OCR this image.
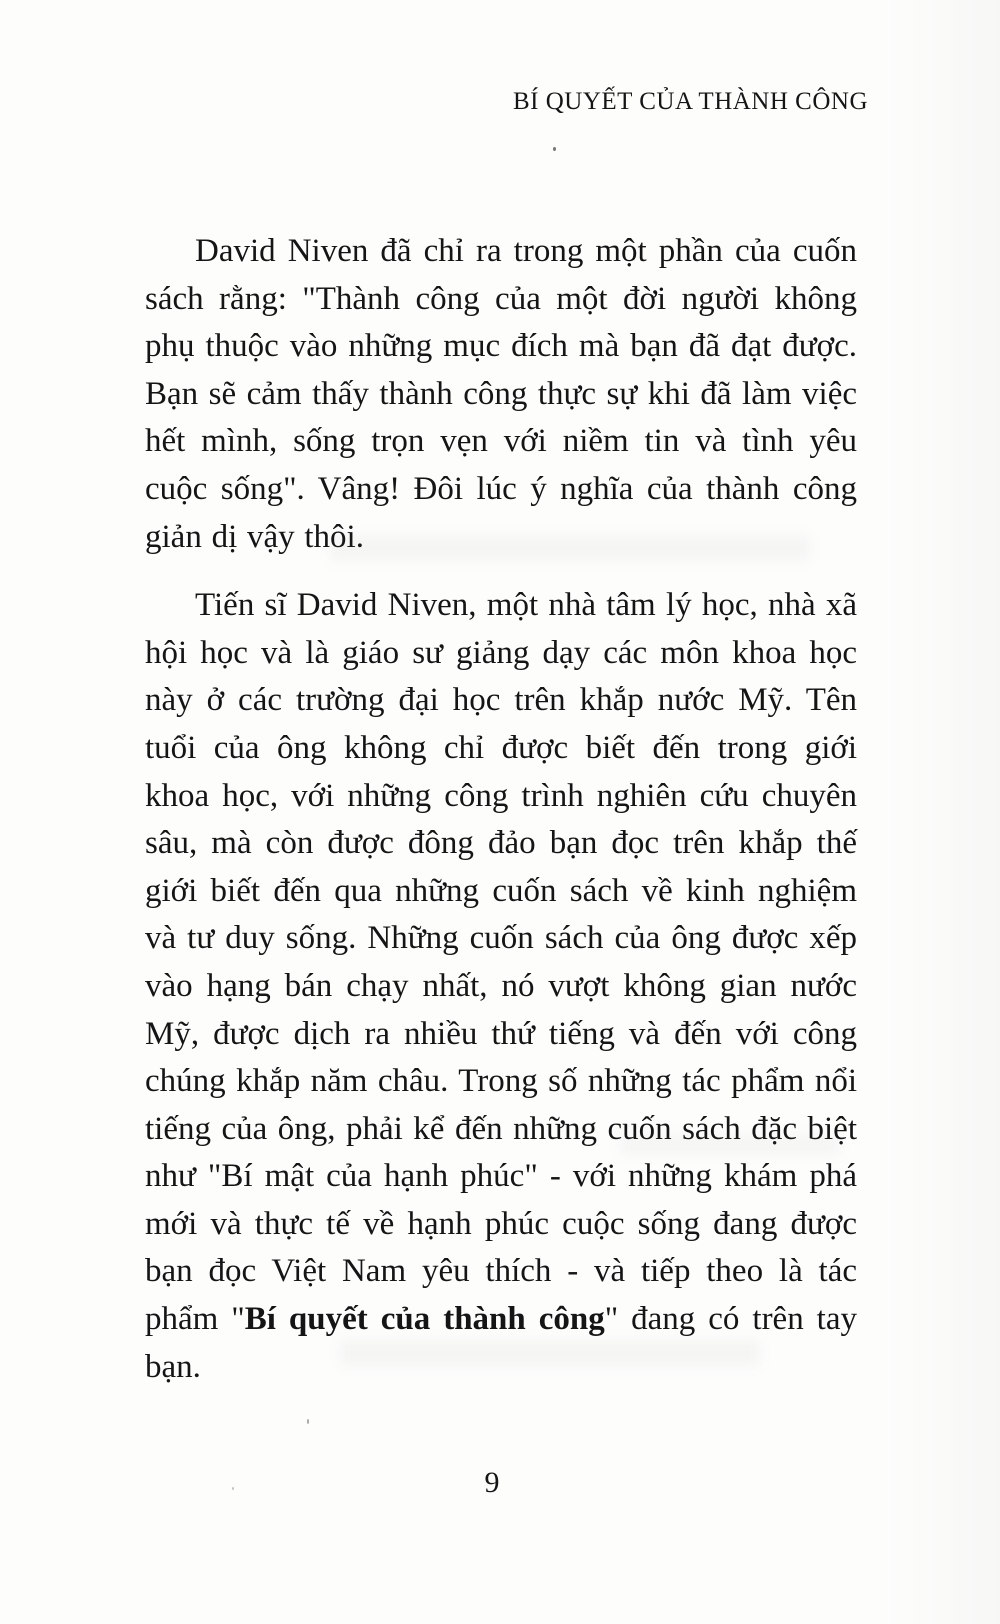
BÍ QUYẾT CỦA THÀNH CÔNG

David Niven đã chỉ ra trong một phần của cuốn sách rằng: "Thành công của một đời người không phụ thuộc vào những mục đích mà bạn đã đạt được. Bạn sẽ cảm thấy thành công thực sự khi đã làm việc hết mình, sống trọn vẹn với niềm tin và tình yêu cuộc sống". Vâng! Đôi lúc ý nghĩa của thành công giản dị vậy thôi.

Tiến sĩ David Niven, một nhà tâm lý học, nhà xã hội học và là giáo sư giảng dạy các môn khoa học này ở các trường đại học trên khắp nước Mỹ. Tên tuổi của ông không chỉ được biết đến trong giới khoa học, với những công trình nghiên cứu chuyên sâu, mà còn được đông đảo bạn đọc trên khắp thế giới biết đến qua những cuốn sách về kinh nghiệm và tư duy sống. Những cuốn sách của ông được xếp vào hạng bán chạy nhất, nó vượt không gian nước Mỹ, được dịch ra nhiều thứ tiếng và đến với công chúng khắp năm châu. Trong số những tác phẩm nổi tiếng của ông, phải kể đến những cuốn sách đặc biệt như "Bí mật của hạnh phúc" - với những khám phá mới và thực tế về hạnh phúc cuộc sống đang được bạn đọc Việt Nam yêu thích - và tiếp theo là tác phẩm "Bí quyết của thành công" đang có trên tay bạn.

9
